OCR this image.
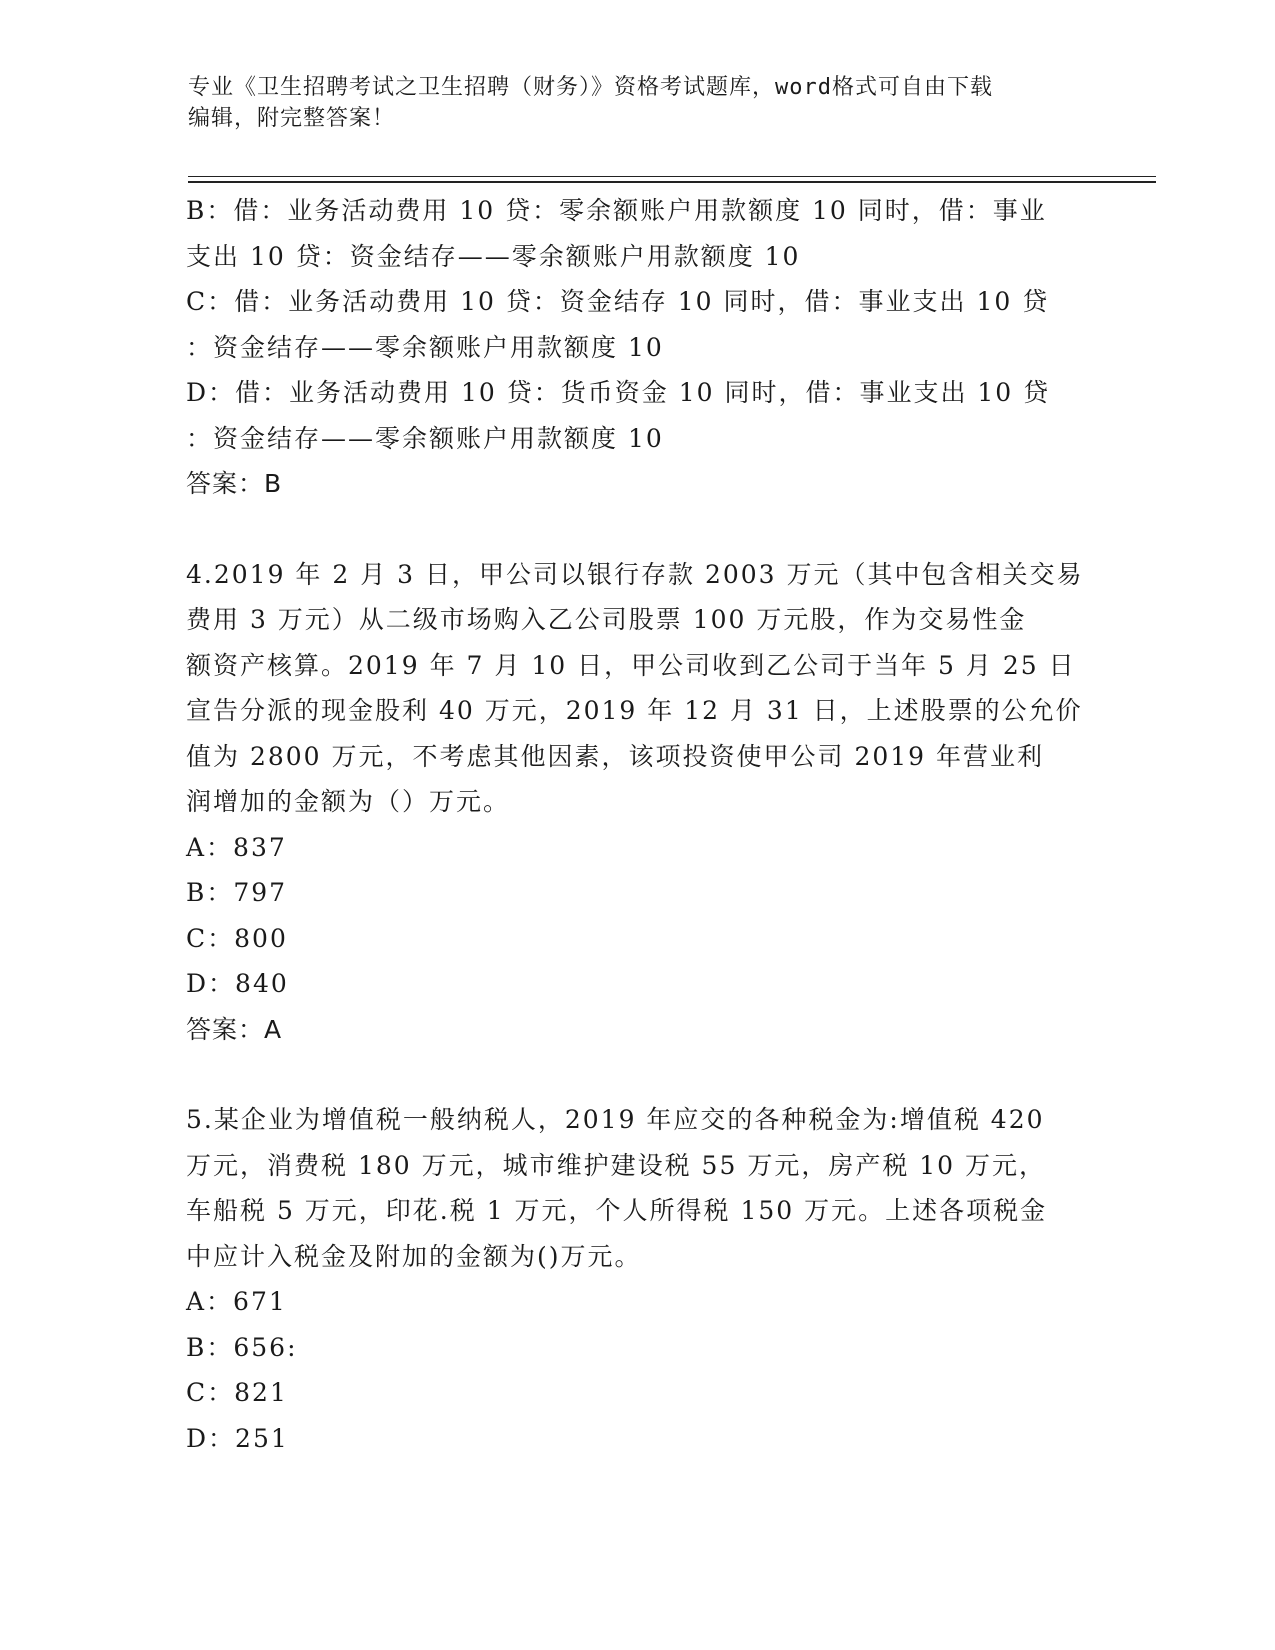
专业《卫生招聘考试之卫生招聘（财务）》资格考试题库，word格式可自由下载
编辑，附完整答案！
B：借：业务活动费用 10 贷：零余额账户用款额度 10 同时，借：事业
支出 10 贷：资金结存——零余额账户用款额度 10
C：借：业务活动费用 10 贷：资金结存 10 同时，借：事业支出 10 贷
：资金结存——零余额账户用款额度 10
D：借：业务活动费用 10 贷：货币资金 10 同时，借：事业支出 10 贷
：资金结存——零余额账户用款额度 10
答案：B
4.2019 年 2 月 3 日，甲公司以银行存款 2003 万元（其中包含相关交易
费用 3 万元）从二级市场购入乙公司股票 100 万元股，作为交易性金
额资产核算。2019 年 7 月 10 日，甲公司收到乙公司于当年 5 月 25 日
宣告分派的现金股利 40 万元，2019 年 12 月 31 日，上述股票的公允价
值为 2800 万元，不考虑其他因素，该项投资使甲公司 2019 年营业利
润增加的金额为（）万元。
A：837
B：797
C：800
D：840
答案：A
5.某企业为增值税一般纳税人，2019 年应交的各种税金为:增值税 420
万元，消费税 180 万元，城市维护建设税 55 万元，房产税 10 万元，
车船税 5 万元，印花.税 1 万元，个人所得税 150 万元。上述各项税金
中应计入税金及附加的金额为()万元。
A：671
B：656:
C：821
D：251
